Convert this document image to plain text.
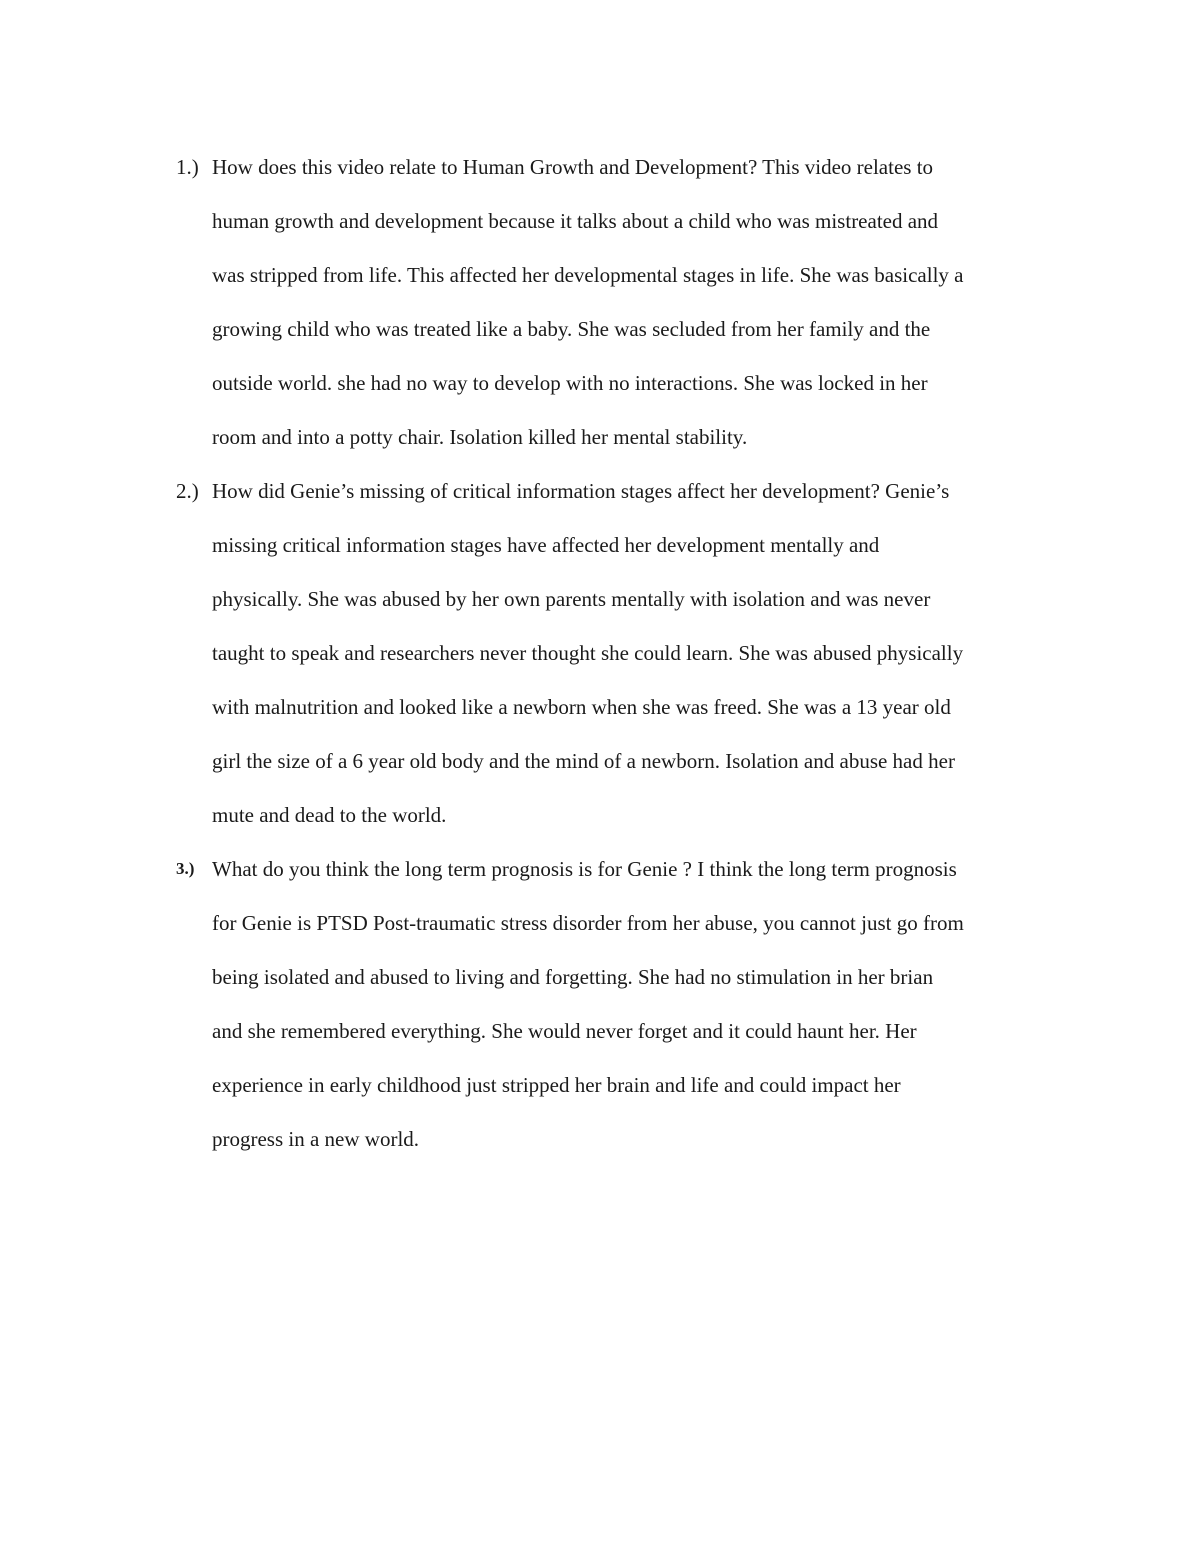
1.) How does this video relate to Human Growth and Development? This video relates to
human growth and development because it talks about a child who was mistreated and
was stripped from life. This affected her developmental stages in life. She was basically a
growing child who was treated like a baby. She was secluded from her family and the
outside world. she had no way to develop with no interactions. She was locked in her
room and into a potty chair. Isolation killed her mental stability.
2.) How did Genie’s missing of critical information stages affect her development? Genie’s
missing critical information stages have affected her development mentally and
physically. She was abused by her own parents mentally with isolation and was never
taught to speak and researchers never thought she could learn. She was abused physically
with malnutrition and looked like a newborn when she was freed. She was a 13 year old
girl the size of a 6 year old body and the mind of a newborn. Isolation and abuse had her
mute and dead to the world.
3.) What do you think the long term prognosis is for Genie ? I think the long term prognosis
for Genie is PTSD Post-traumatic stress disorder from her abuse, you cannot just go from
being isolated and abused to living and forgetting. She had no stimulation in her brian
and she remembered everything. She would never forget and it could haunt her. Her
experience in early childhood just stripped her brain and life and could impact her
progress in a new world.
